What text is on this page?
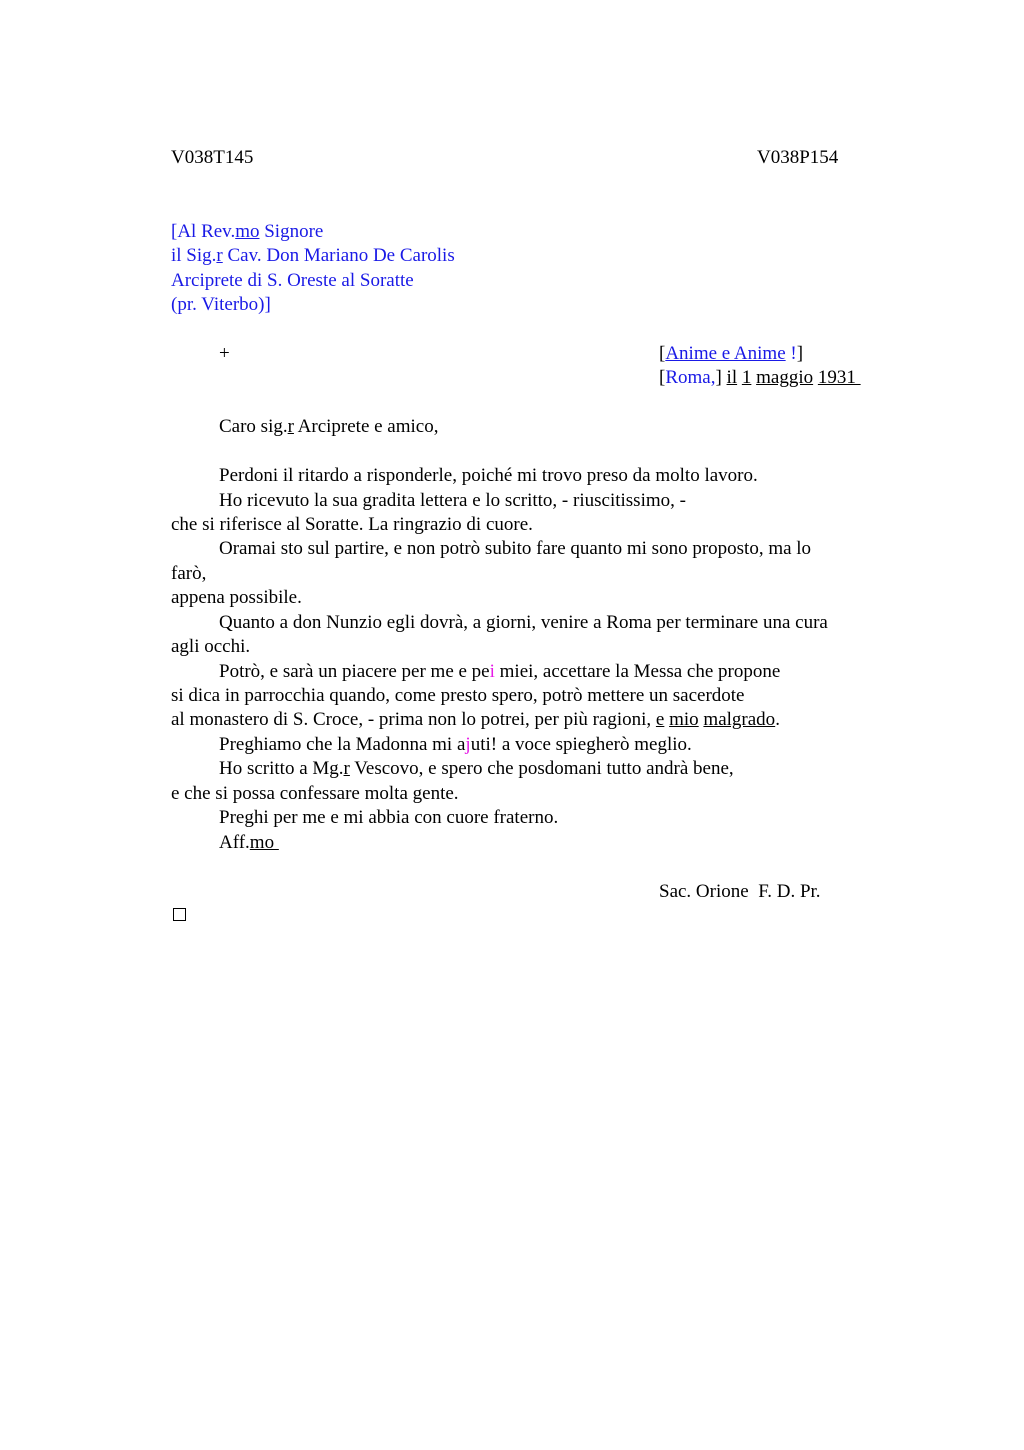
V038T145	V038P154
[Al Rev.mo Signore
il Sig.r Cav. Don Mariano De Carolis
Arciprete di S. Oreste al Soratte
(pr. Viterbo)]
+	[Anime e Anime !]
[Roma,] il 1 maggio 1931
Caro sig.r Arciprete e amico,
Perdoni il ritardo a risponderle, poiché mi trovo preso da molto lavoro.
Ho ricevuto la sua gradita lettera e lo scritto, - riuscitissimo, -
che si riferisce al Soratte. La ringrazio di cuore.
Oramai sto sul partire, e non potrò subito fare quanto mi sono proposto, ma lo
farò,
appena possibile.
Quanto a don Nunzio egli dovrà, a giorni, venire a Roma per terminare una cura
agli occhi.
Potrò, e sarà un piacere per me e pei miei, accettare la Messa che propone
si dica in parrocchia quando, come presto spero, potrò mettere un sacerdote
al monastero di S. Croce, - prima non lo potrei, per più ragioni, e mio malgrado.
Preghiamo che la Madonna mi ajuti! a voce spiegherò meglio.
Ho scritto a Mg.r Vescovo, e spero che posdomani tutto andrà bene,
e che si possa confessare molta gente.
Preghi per me e mi abbia con cuore fraterno.
Aff.mo
Sac. Orione  F. D. Pr.
